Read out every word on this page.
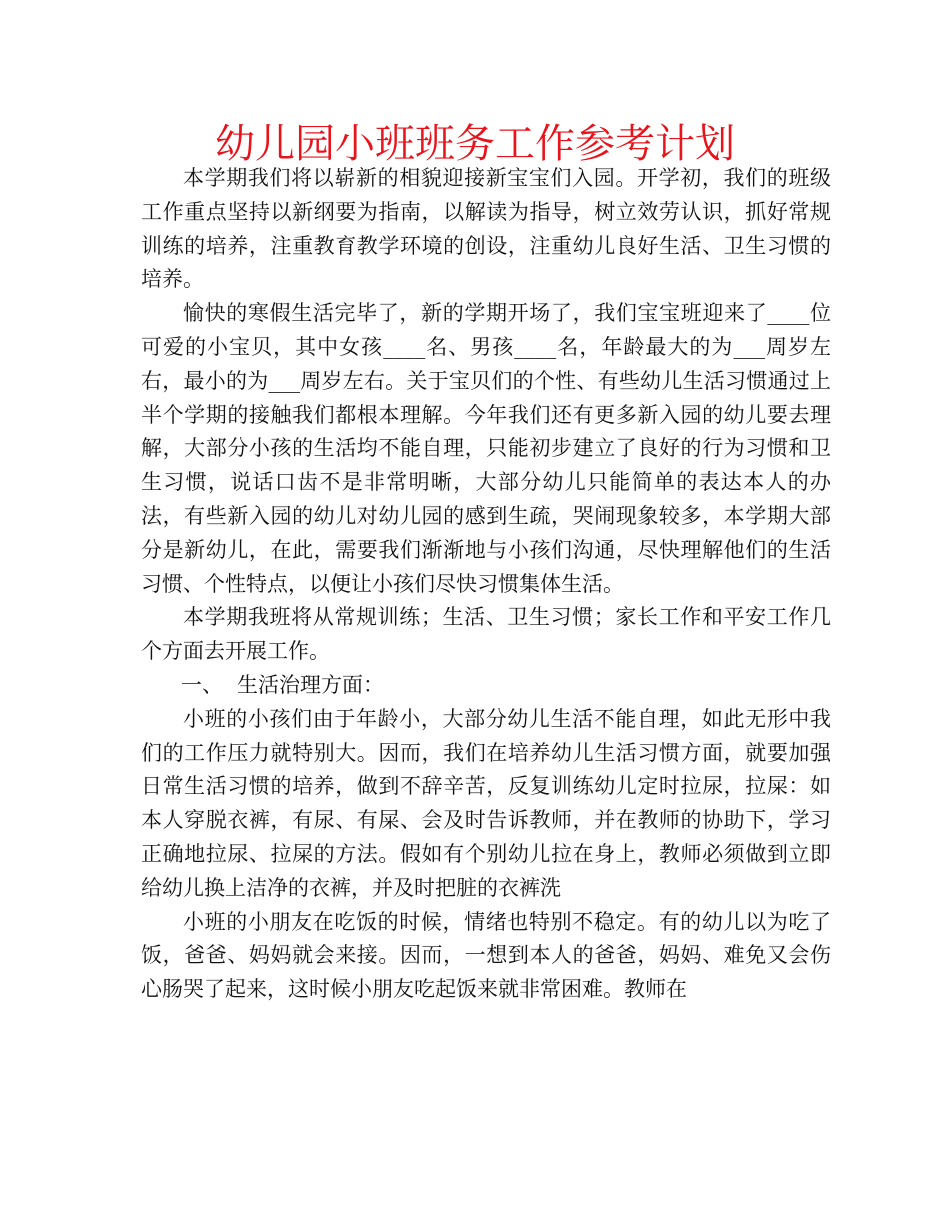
幼儿园小班班务工作参考计划

本学期我们将以崭新的相貌迎接新宝宝们入园。开学初，我们的班级工作重点坚持以新纲要为指南，以解读为指导，树立效劳认识，抓好常规训练的培养，注重教育教学环境的创设，注重幼儿良好生活、卫生习惯的培养。

愉快的寒假生活完毕了，新的学期开场了，我们宝宝班迎来了____位可爱的小宝贝，其中女孩____名、男孩____名，年龄最大的为___周岁左右，最小的为___周岁左右。关于宝贝们的个性、有些幼儿生活习惯通过上半个学期的接触我们都根本理解。今年我们还有更多新入园的幼儿要去理解，大部分小孩的生活均不能自理，只能初步建立了良好的行为习惯和卫生习惯，说话口齿不是非常明晰，大部分幼儿只能简单的表达本人的办法，有些新入园的幼儿对幼儿园的感到生疏，哭闹现象较多，本学期大部分是新幼儿，在此，需要我们渐渐地与小孩们沟通，尽快理解他们的生活习惯、个性特点，以便让小孩们尽快习惯集体生活。

本学期我班将从常规训练；生活、卫生习惯；家长工作和平安工作几个方面去开展工作。

一、 生活治理方面：

小班的小孩们由于年龄小，大部分幼儿生活不能自理，如此无形中我们的工作压力就特别大。因而，我们在培养幼儿生活习惯方面，就要加强日常生活习惯的培养，做到不辞辛苦，反复训练幼儿定时拉尿，拉屎：如本人穿脱衣裤，有尿、有屎、会及时告诉教师，并在教师的协助下，学习正确地拉尿、拉屎的方法。假如有个别幼儿拉在身上，教师必须做到立即给幼儿换上洁净的衣裤，并及时把脏的衣裤洗

小班的小朋友在吃饭的时候，情绪也特别不稳定。有的幼儿以为吃了饭，爸爸、妈妈就会来接。因而，一想到本人的爸爸，妈妈、难免又会伤心肠哭了起来，这时候小朋友吃起饭来就非常困难。教师在
